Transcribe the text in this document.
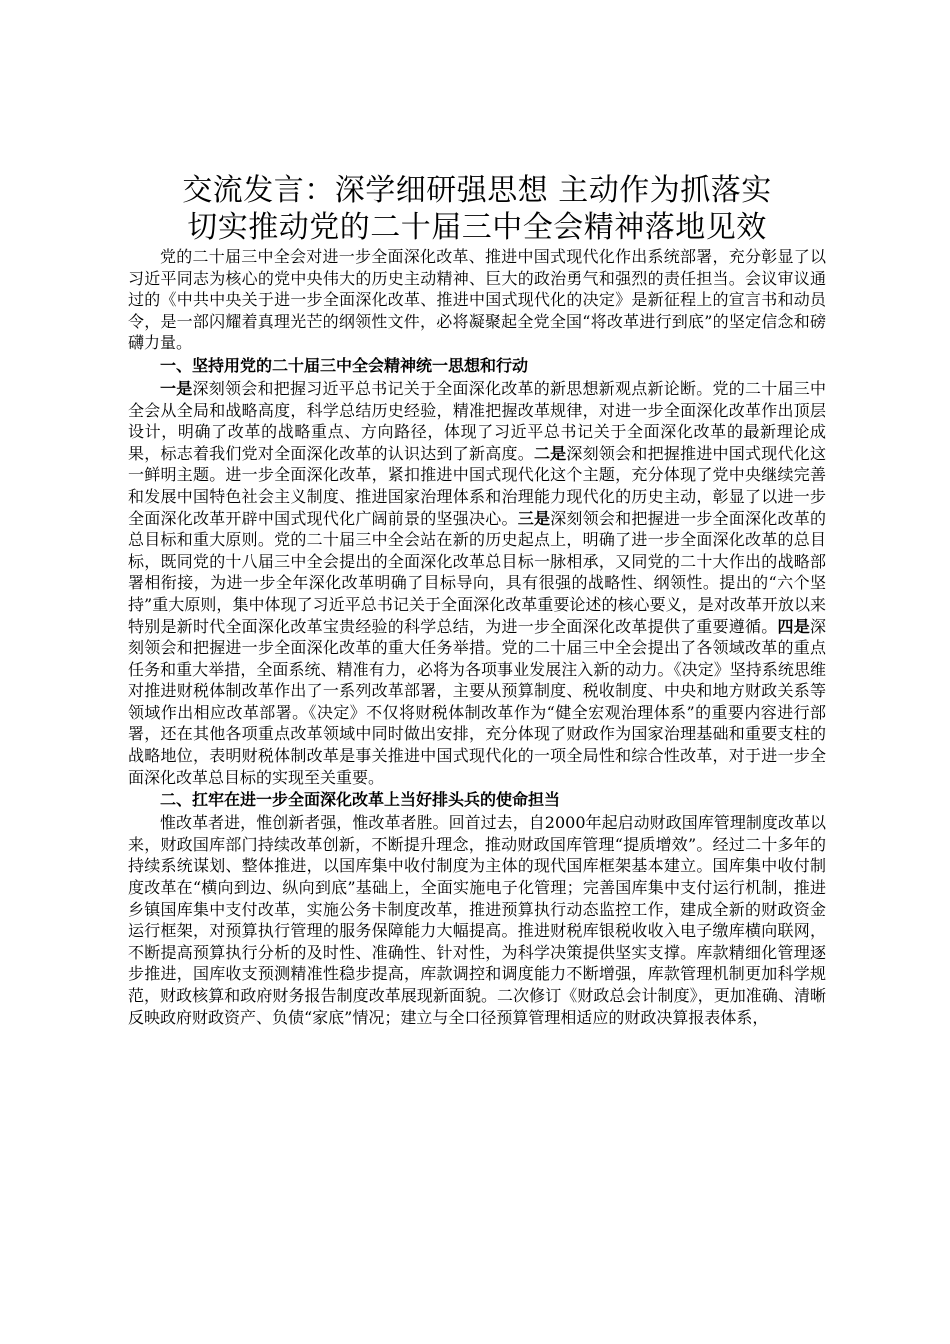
交流发言：深学细研强思想 主动作为抓落实
切实推动党的二十届三中全会精神落地见效

党的二十届三中全会对进一步全面深化改革、推进中国式现代化作出系统部署，充分彰显了以习近平同志为核心的党中央伟大的历史主动精神、巨大的政治勇气和强烈的责任担当。会议审议通过的《中共中央关于进一步全面深化改革、推进中国式现代化的决定》是新征程上的宣言书和动员令，是一部闪耀着真理光芒的纲领性文件，必将凝聚起全党全国“将改革进行到底”的坚定信念和磅礴力量。

一、坚持用党的二十届三中全会精神统一思想和行动

一是深刻领会和把握习近平总书记关于全面深化改革的新思想新观点新论断。党的二十届三中全会从全局和战略高度，科学总结历史经验，精准把握改革规律，对进一步全面深化改革作出顶层设计，明确了改革的战略重点、方向路径，体现了习近平总书记关于全面深化改革的最新理论成果，标志着我们党对全面深化改革的认识达到了新高度。二是深刻领会和把握推进中国式现代化这一鲜明主题。进一步全面深化改革，紧扣推进中国式现代化这个主题，充分体现了党中央继续完善和发展中国特色社会主义制度、推进国家治理体系和治理能力现代化的历史主动，彰显了以进一步全面深化改革开辟中国式现代化广阔前景的坚强决心。三是深刻领会和把握进一步全面深化改革的总目标和重大原则。党的二十届三中全会站在新的历史起点上，明确了进一步全面深化改革的总目标，既同党的十八届三中全会提出的全面深化改革总目标一脉相承，又同党的二十大作出的战略部署相衔接，为进一步全年深化改革明确了目标导向，具有很强的战略性、纲领性。提出的“六个坚持”重大原则，集中体现了习近平总书记关于全面深化改革重要论述的核心要义，是对改革开放以来特别是新时代全面深化改革宝贵经验的科学总结，为进一步全面深化改革提供了重要遵循。四是深刻领会和把握进一步全面深化改革的重大任务举措。党的二十届三中全会提出了各领域改革的重点任务和重大举措，全面系统、精准有力，必将为各项事业发展注入新的动力。《决定》坚持系统思维对推进财税体制改革作出了一系列改革部署，主要从预算制度、税收制度、中央和地方财政关系等领域作出相应改革部署。《决定》不仅将财税体制改革作为“健全宏观治理体系”的重要内容进行部署，还在其他各项重点改革领域中同时做出安排，充分体现了财政作为国家治理基础和重要支柱的战略地位，表明财税体制改革是事关推进中国式现代化的一项全局性和综合性改革，对于进一步全面深化改革总目标的实现至关重要。

二、扛牢在进一步全面深化改革上当好排头兵的使命担当

惟改革者进，惟创新者强，惟改革者胜。回首过去，自2000年起启动财政国库管理制度改革以来，财政国库部门持续改革创新，不断提升理念，推动财政国库管理“提质增效”。经过二十多年的持续系统谋划、整体推进，以国库集中收付制度为主体的现代国库框架基本建立。国库集中收付制度改革在“横向到边、纵向到底”基础上，全面实施电子化管理；完善国库集中支付运行机制，推进乡镇国库集中支付改革，实施公务卡制度改革，推进预算执行动态监控工作，建成全新的财政资金运行框架，对预算执行管理的服务保障能力大幅提高。推进财税库银税收收入电子缴库横向联网，不断提高预算执行分析的及时性、准确性、针对性，为科学决策提供坚实支撑。库款精细化管理逐步推进，国库收支预测精准性稳步提高，库款调控和调度能力不断增强，库款管理机制更加科学规范，财政核算和政府财务报告制度改革展现新面貌。二次修订《财政总会计制度》，更加准确、清晰反映政府财政资产、负债“家底”情况；建立与全口径预算管理相适应的财政决算报表体系，
